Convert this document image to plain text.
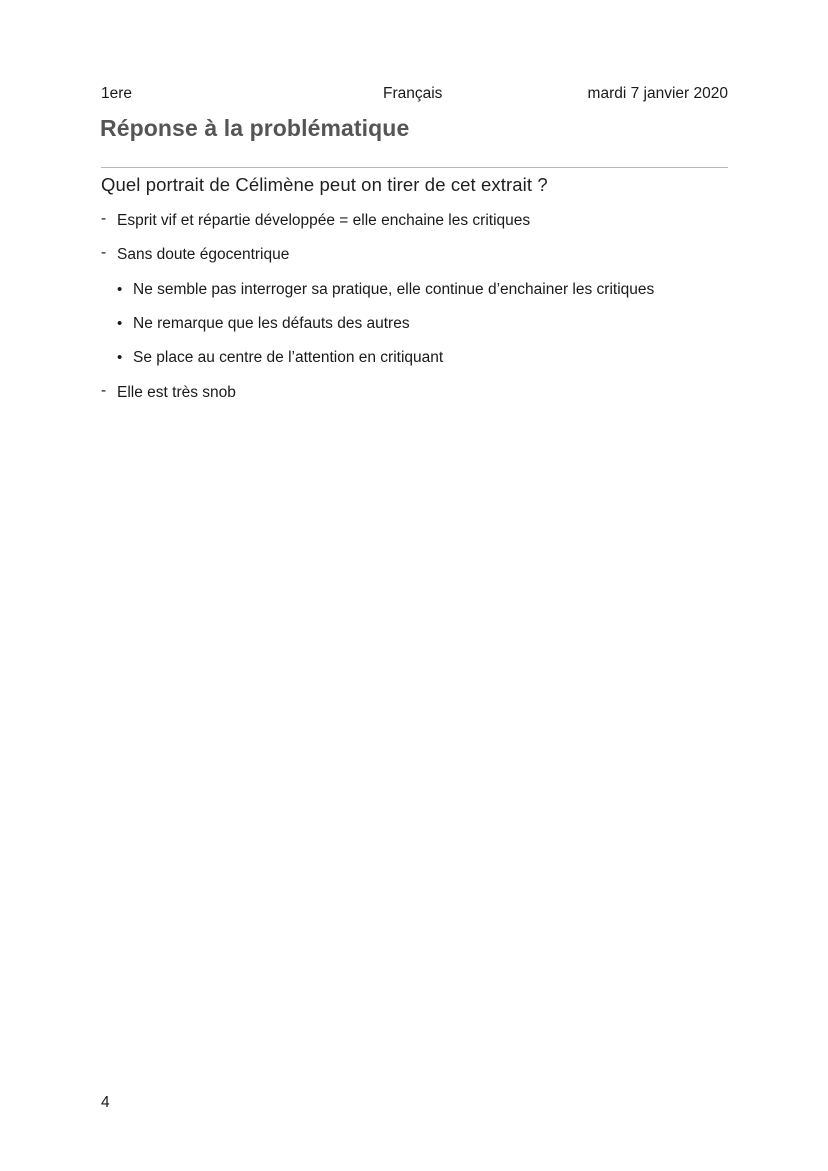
1ere	Français	mardi 7 janvier 2020
Réponse à la problématique
Quel portrait de Célimène peut on tirer de cet extrait ?
- Esprit vif et répartie développée = elle enchaine les critiques
- Sans doute égocentrique
• Ne semble pas interroger sa pratique, elle continue d’enchainer les critiques
• Ne remarque que les défauts des autres
• Se place au centre de l’attention en critiquant
- Elle est très snob
4
